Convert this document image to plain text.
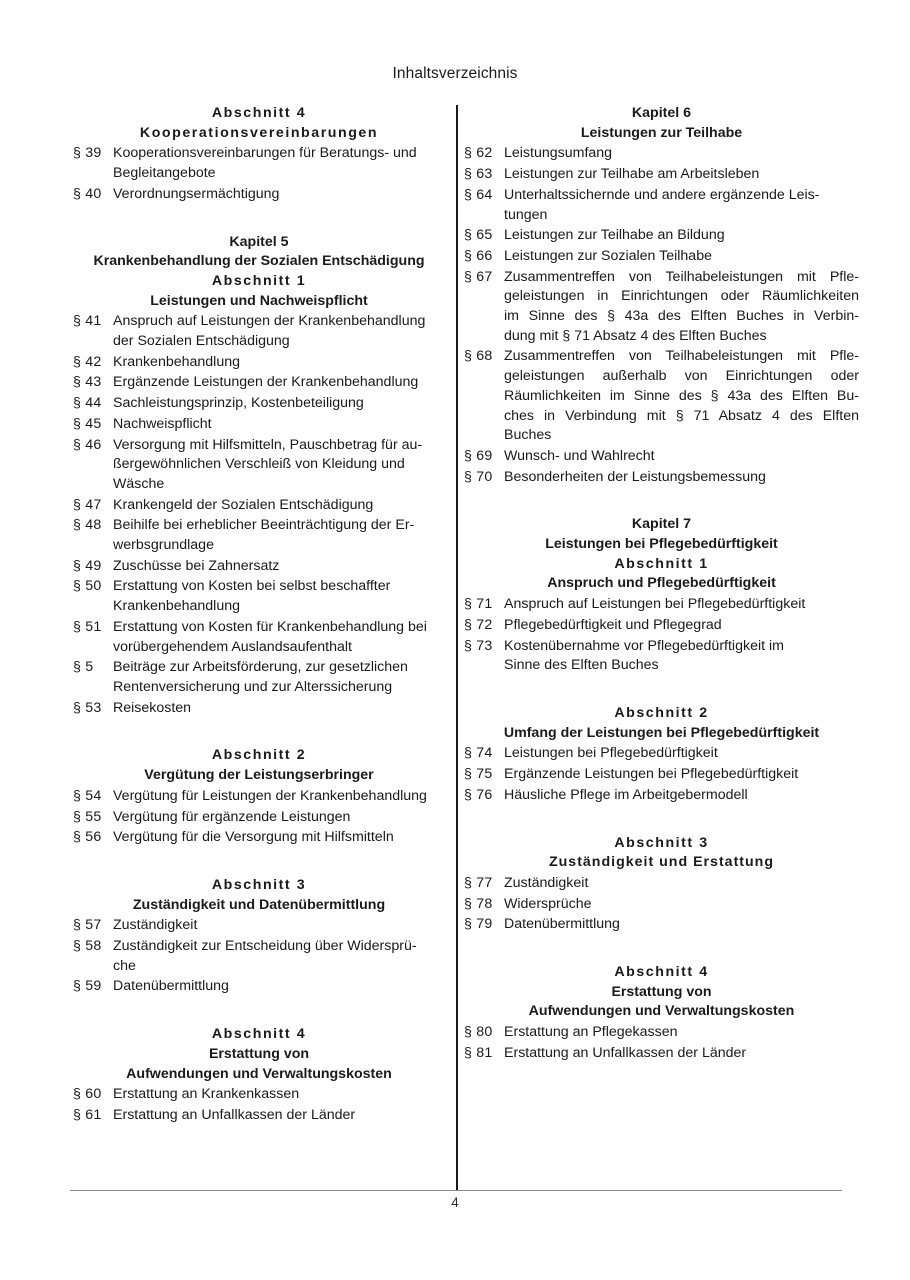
Inhaltsverzeichnis
Abschnitt 4
Kooperationsvereinbarungen
§ 39 Kooperationsvereinbarungen für Beratungs- und
Begleitangebote
§ 40 Verordnungsermächtigung
Kapitel 5
Krankenbehandlung der Sozialen Entschädigung
Abschnitt 1
Leistungen und Nachweispflicht
§ 41 Anspruch auf Leistungen der Krankenbehandlung
der Sozialen Entschädigung
§ 42 Krankenbehandlung
§ 43 Ergänzende Leistungen der Krankenbehandlung
§ 44 Sachleistungsprinzip, Kostenbeteiligung
§ 45 Nachweispflicht
§ 46 Versorgung mit Hilfsmitteln, Pauschbetrag für au-
ßergewöhnlichen Verschleiß von Kleidung und
Wäsche
§ 47 Krankengeld der Sozialen Entschädigung
§ 48 Beihilfe bei erheblicher Beeinträchtigung der Er-
werbsgrundlage
§ 49 Zuschüsse bei Zahnersatz
§ 50 Erstattung von Kosten bei selbst beschaffter
Krankenbehandlung
§ 51 Erstattung von Kosten für Krankenbehandlung bei
vorübergehendem Auslandsaufenthalt
§ 5	Beiträge zur Arbeitsförderung, zur gesetzlichen
Rentenversicherung und zur Alterssicherung
§ 53 Reisekosten
Abschnitt 2
Vergütung der Leistungserbringer
§ 54 Vergütung für Leistungen der Krankenbehandlung
§ 55 Vergütung für ergänzende Leistungen
§ 56 Vergütung für die Versorgung mit Hilfsmitteln
Abschnitt 3
Zuständigkeit und Datenübermittlung
§ 57 Zuständigkeit
§ 58 Zuständigkeit zur Entscheidung über Widersprü-
che
§ 59 Datenübermittlung
Abschnitt 4
Erstattung von
Aufwendungen und Verwaltungskosten
§ 60 Erstattung an Krankenkassen
§ 61 Erstattung an Unfallkassen der Länder
Kapitel 6
Leistungen zur Teilhabe
§ 62 Leistungsumfang
§ 63 Leistungen zur Teilhabe am Arbeitsleben
§ 64 Unterhaltssichernde und andere ergänzende Leis-
tungen
§ 65 Leistungen zur Teilhabe an Bildung
§ 66 Leistungen zur Sozialen Teilhabe
§ 67 Zusammentreffen von Teilhabeleistungen mit Pfle-
geleistungen in Einrichtungen oder Räumlichkeiten
im Sinne des § 43a des Elften Buches in Verbin-
dung mit § 71 Absatz 4 des Elften Buches
§ 68 Zusammentreffen von Teilhabeleistungen mit Pfle-
geleistungen außerhalb von Einrichtungen oder
Räumlichkeiten im Sinne des § 43a des Elften Bu-
ches in Verbindung mit § 71 Absatz 4 des Elften
Buches
§ 69 Wunsch- und Wahlrecht
§ 70 Besonderheiten der Leistungsbemessung
Kapitel 7
Leistungen bei Pflegebedürftigkeit
Abschnitt 1
Anspruch und Pflegebedürftigkeit
§ 71 Anspruch auf Leistungen bei Pflegebedürftigkeit
§ 72 Pflegebedürftigkeit und Pflegegrad
§ 73 Kostenübernahme vor Pflegebedürftigkeit im
Sinne des Elften Buches
Abschnitt 2
Umfang der Leistungen bei Pflegebedürftigkeit
§ 74 Leistungen bei Pflegebedürftigkeit
§ 75 Ergänzende Leistungen bei Pflegebedürftigkeit
§ 76 Häusliche Pflege im Arbeitgebermodell
Abschnitt 3
Zuständigkeit und Erstattung
§ 77 Zuständigkeit
§ 78 Widersprüche
§ 79 Datenübermittlung
Abschnitt 4
Erstattung von
Aufwendungen und Verwaltungskosten
§ 80 Erstattung an Pflegekassen
§ 81 Erstattung an Unfallkassen der Länder
4
